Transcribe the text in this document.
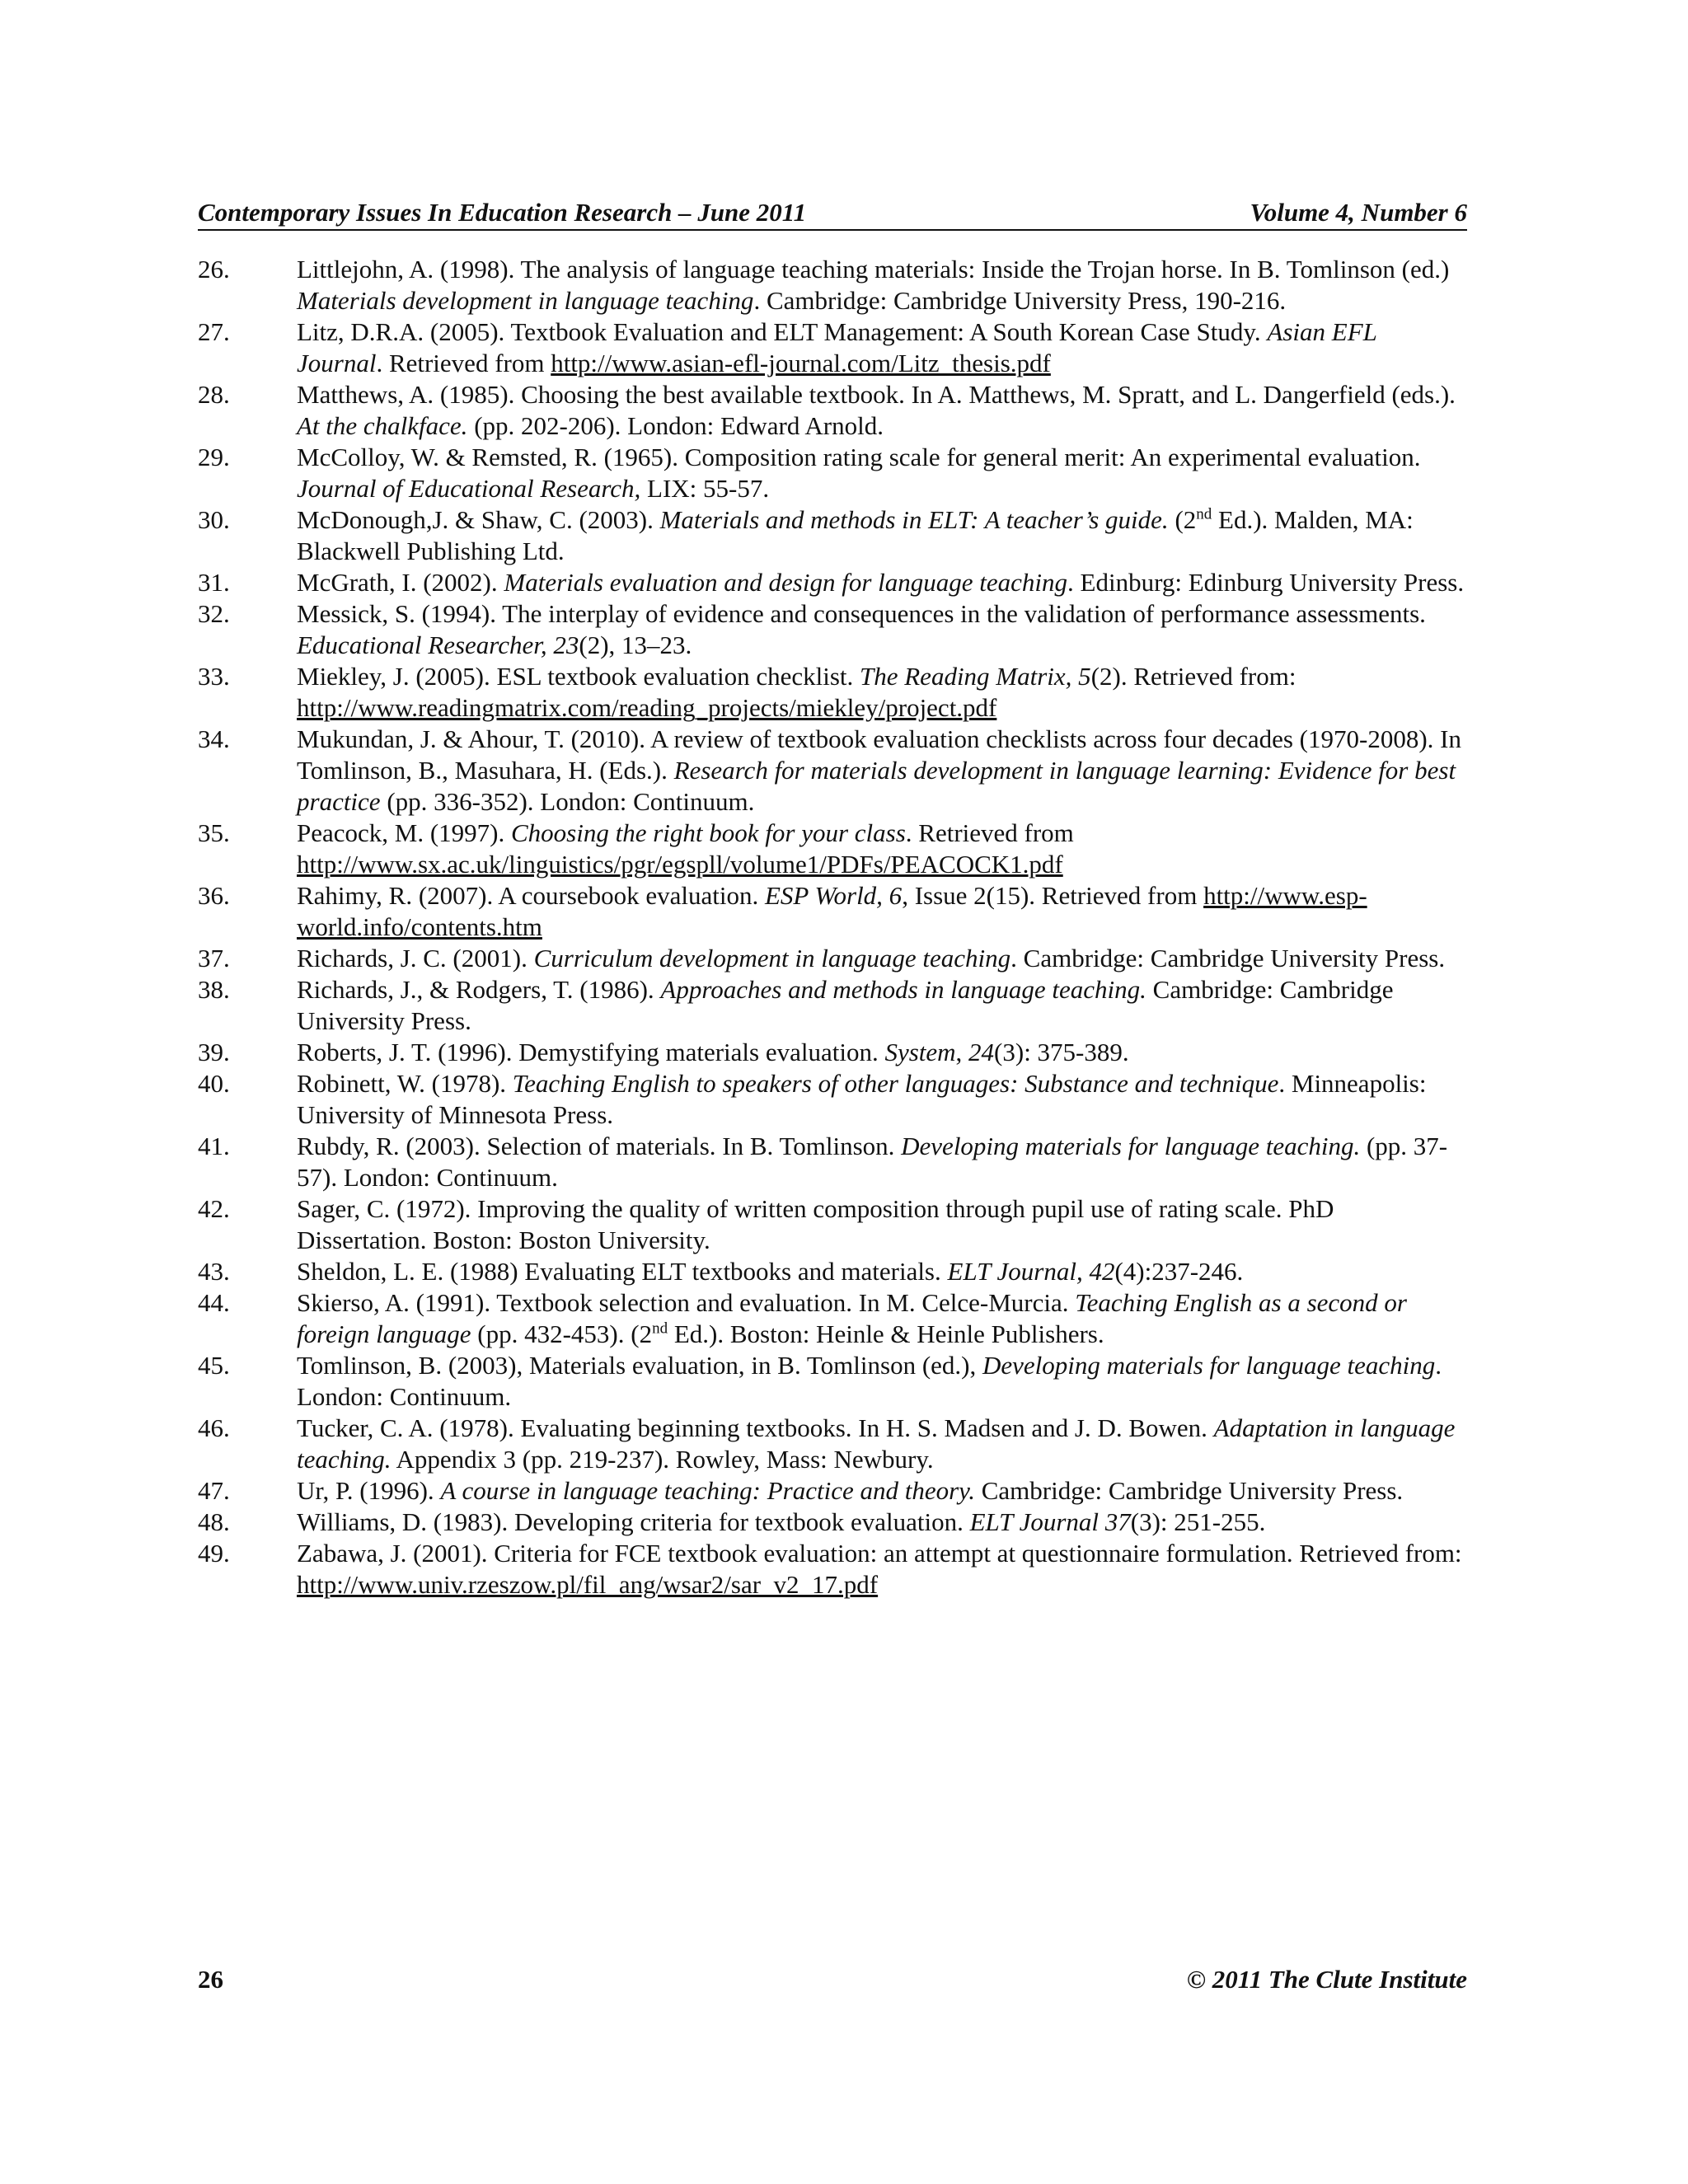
Contemporary Issues In Education Research – June 2011	Volume 4, Number 6
26.	Littlejohn, A. (1998). The analysis of language teaching materials: Inside the Trojan horse. In B. Tomlinson (ed.) Materials development in language teaching. Cambridge: Cambridge University Press, 190-216.
27.	Litz, D.R.A. (2005). Textbook Evaluation and ELT Management: A South Korean Case Study. Asian EFL Journal. Retrieved from http://www.asian-efl-journal.com/Litz_thesis.pdf
28.	Matthews, A. (1985). Choosing the best available textbook. In A. Matthews, M. Spratt, and L. Dangerfield (eds.). At the chalkface. (pp. 202-206). London: Edward Arnold.
29.	McColloy, W. & Remsted, R. (1965). Composition rating scale for general merit: An experimental evaluation. Journal of Educational Research, LIX: 55-57.
30.	McDonough,J. & Shaw, C. (2003). Materials and methods in ELT: A teacher’s guide. (2nd Ed.). Malden, MA: Blackwell Publishing Ltd.
31.	McGrath, I. (2002). Materials evaluation and design for language teaching. Edinburg: Edinburg University Press.
32.	Messick, S. (1994). The interplay of evidence and consequences in the validation of performance assessments. Educational Researcher, 23(2), 13–23.
33.	Miekley, J. (2005). ESL textbook evaluation checklist. The Reading Matrix, 5(2). Retrieved from: http://www.readingmatrix.com/reading_projects/miekley/project.pdf
34.	Mukundan, J. & Ahour, T. (2010). A review of textbook evaluation checklists across four decades (1970-2008). In Tomlinson, B., Masuhara, H. (Eds.). Research for materials development in language learning: Evidence for best practice (pp. 336-352). London: Continuum.
35.	Peacock, M. (1997). Choosing the right book for your class. Retrieved from http://www.sx.ac.uk/linguistics/pgr/egspll/volume1/PDFs/PEACOCK1.pdf
36.	Rahimy, R. (2007). A coursebook evaluation. ESP World, 6, Issue 2(15). Retrieved from http://www.esp-world.info/contents.htm
37.	Richards, J. C. (2001). Curriculum development in language teaching. Cambridge: Cambridge University Press.
38.	Richards, J., & Rodgers, T. (1986). Approaches and methods in language teaching. Cambridge: Cambridge University Press.
39.	Roberts, J. T. (1996). Demystifying materials evaluation. System, 24(3): 375-389.
40.	Robinett, W. (1978). Teaching English to speakers of other languages: Substance and technique. Minneapolis: University of Minnesota Press.
41.	Rubdy, R. (2003). Selection of materials. In B. Tomlinson. Developing materials for language teaching. (pp. 37-57). London: Continuum.
42.	Sager, C. (1972). Improving the quality of written composition through pupil use of rating scale. PhD Dissertation. Boston: Boston University.
43.	Sheldon, L. E. (1988) Evaluating ELT textbooks and materials. ELT Journal, 42(4):237-246.
44.	Skierso, A. (1991). Textbook selection and evaluation. In M. Celce-Murcia. Teaching English as a second or foreign language (pp. 432-453). (2nd Ed.). Boston: Heinle & Heinle Publishers.
45.	Tomlinson, B. (2003), Materials evaluation, in B. Tomlinson (ed.), Developing materials for language teaching. London: Continuum.
46.	Tucker, C. A. (1978). Evaluating beginning textbooks. In H. S. Madsen and J. D. Bowen. Adaptation in language teaching. Appendix 3 (pp. 219-237). Rowley, Mass: Newbury.
47.	Ur, P. (1996). A course in language teaching: Practice and theory. Cambridge: Cambridge University Press.
48.	Williams, D. (1983). Developing criteria for textbook evaluation. ELT Journal 37(3): 251-255.
49.	Zabawa, J. (2001). Criteria for FCE textbook evaluation: an attempt at questionnaire formulation. Retrieved from: http://www.univ.rzeszow.pl/fil_ang/wsar2/sar_v2_17.pdf
26	© 2011 The Clute Institute
